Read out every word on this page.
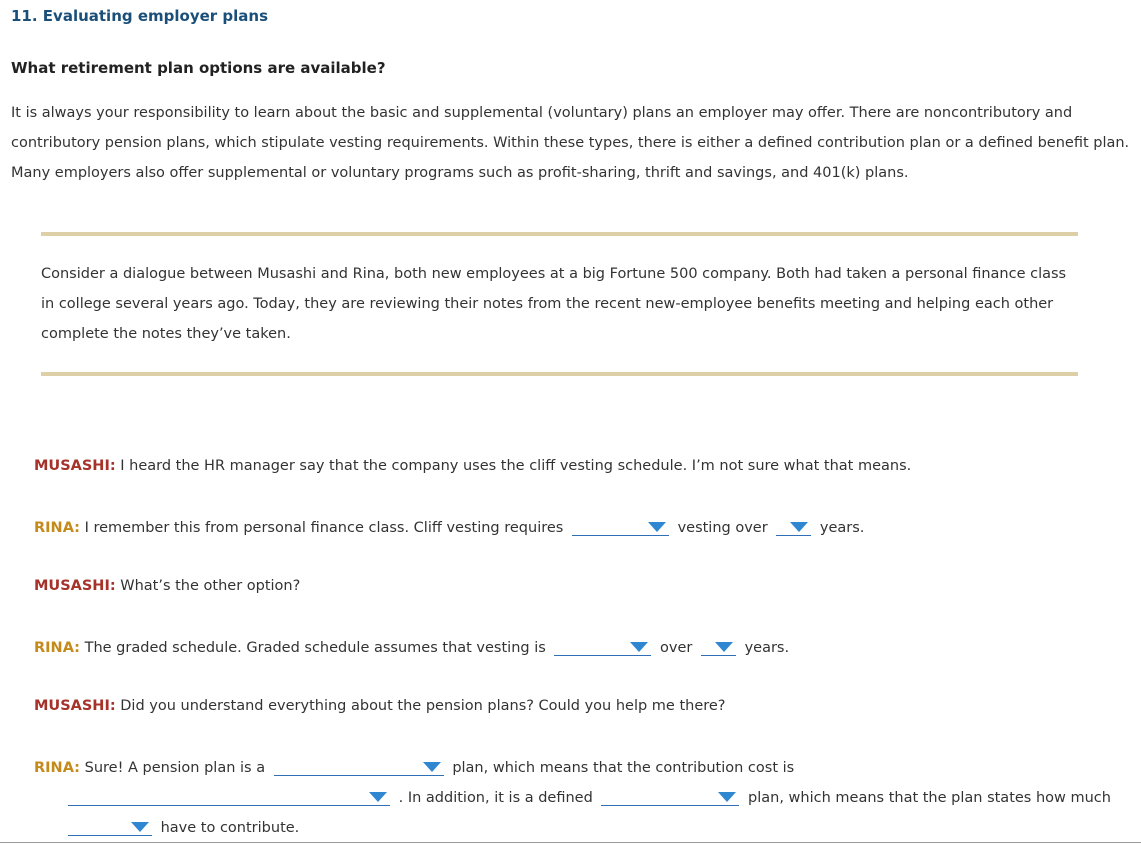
11. Evaluating employer plans
What retirement plan options are available?
It is always your responsibility to learn about the basic and supplemental (voluntary) plans an employer may offer. There are noncontributory and contributory pension plans, which stipulate vesting requirements. Within these types, there is either a defined contribution plan or a defined benefit plan. Many employers also offer supplemental or voluntary programs such as profit-sharing, thrift and savings, and 401(k) plans.
Consider a dialogue between Musashi and Rina, both new employees at a big Fortune 500 company. Both had taken a personal finance class in college several years ago. Today, they are reviewing their notes from the recent new-employee benefits meeting and helping each other complete the notes they’ve taken.
MUSASHI: I heard the HR manager say that the company uses the cliff vesting schedule. I’m not sure what that means.
RINA: I remember this from personal finance class. Cliff vesting requires	vesting over	years.
MUSASHI: What’s the other option?
RINA: The graded schedule. Graded schedule assumes that vesting is	over	years.
MUSASHI: Did you understand everything about the pension plans? Could you help me there?
RINA: Sure! A pension plan is a	plan, which means that the contribution cost is
. In addition, it is a defined	plan, which means that the plan states how much
have to contribute.
